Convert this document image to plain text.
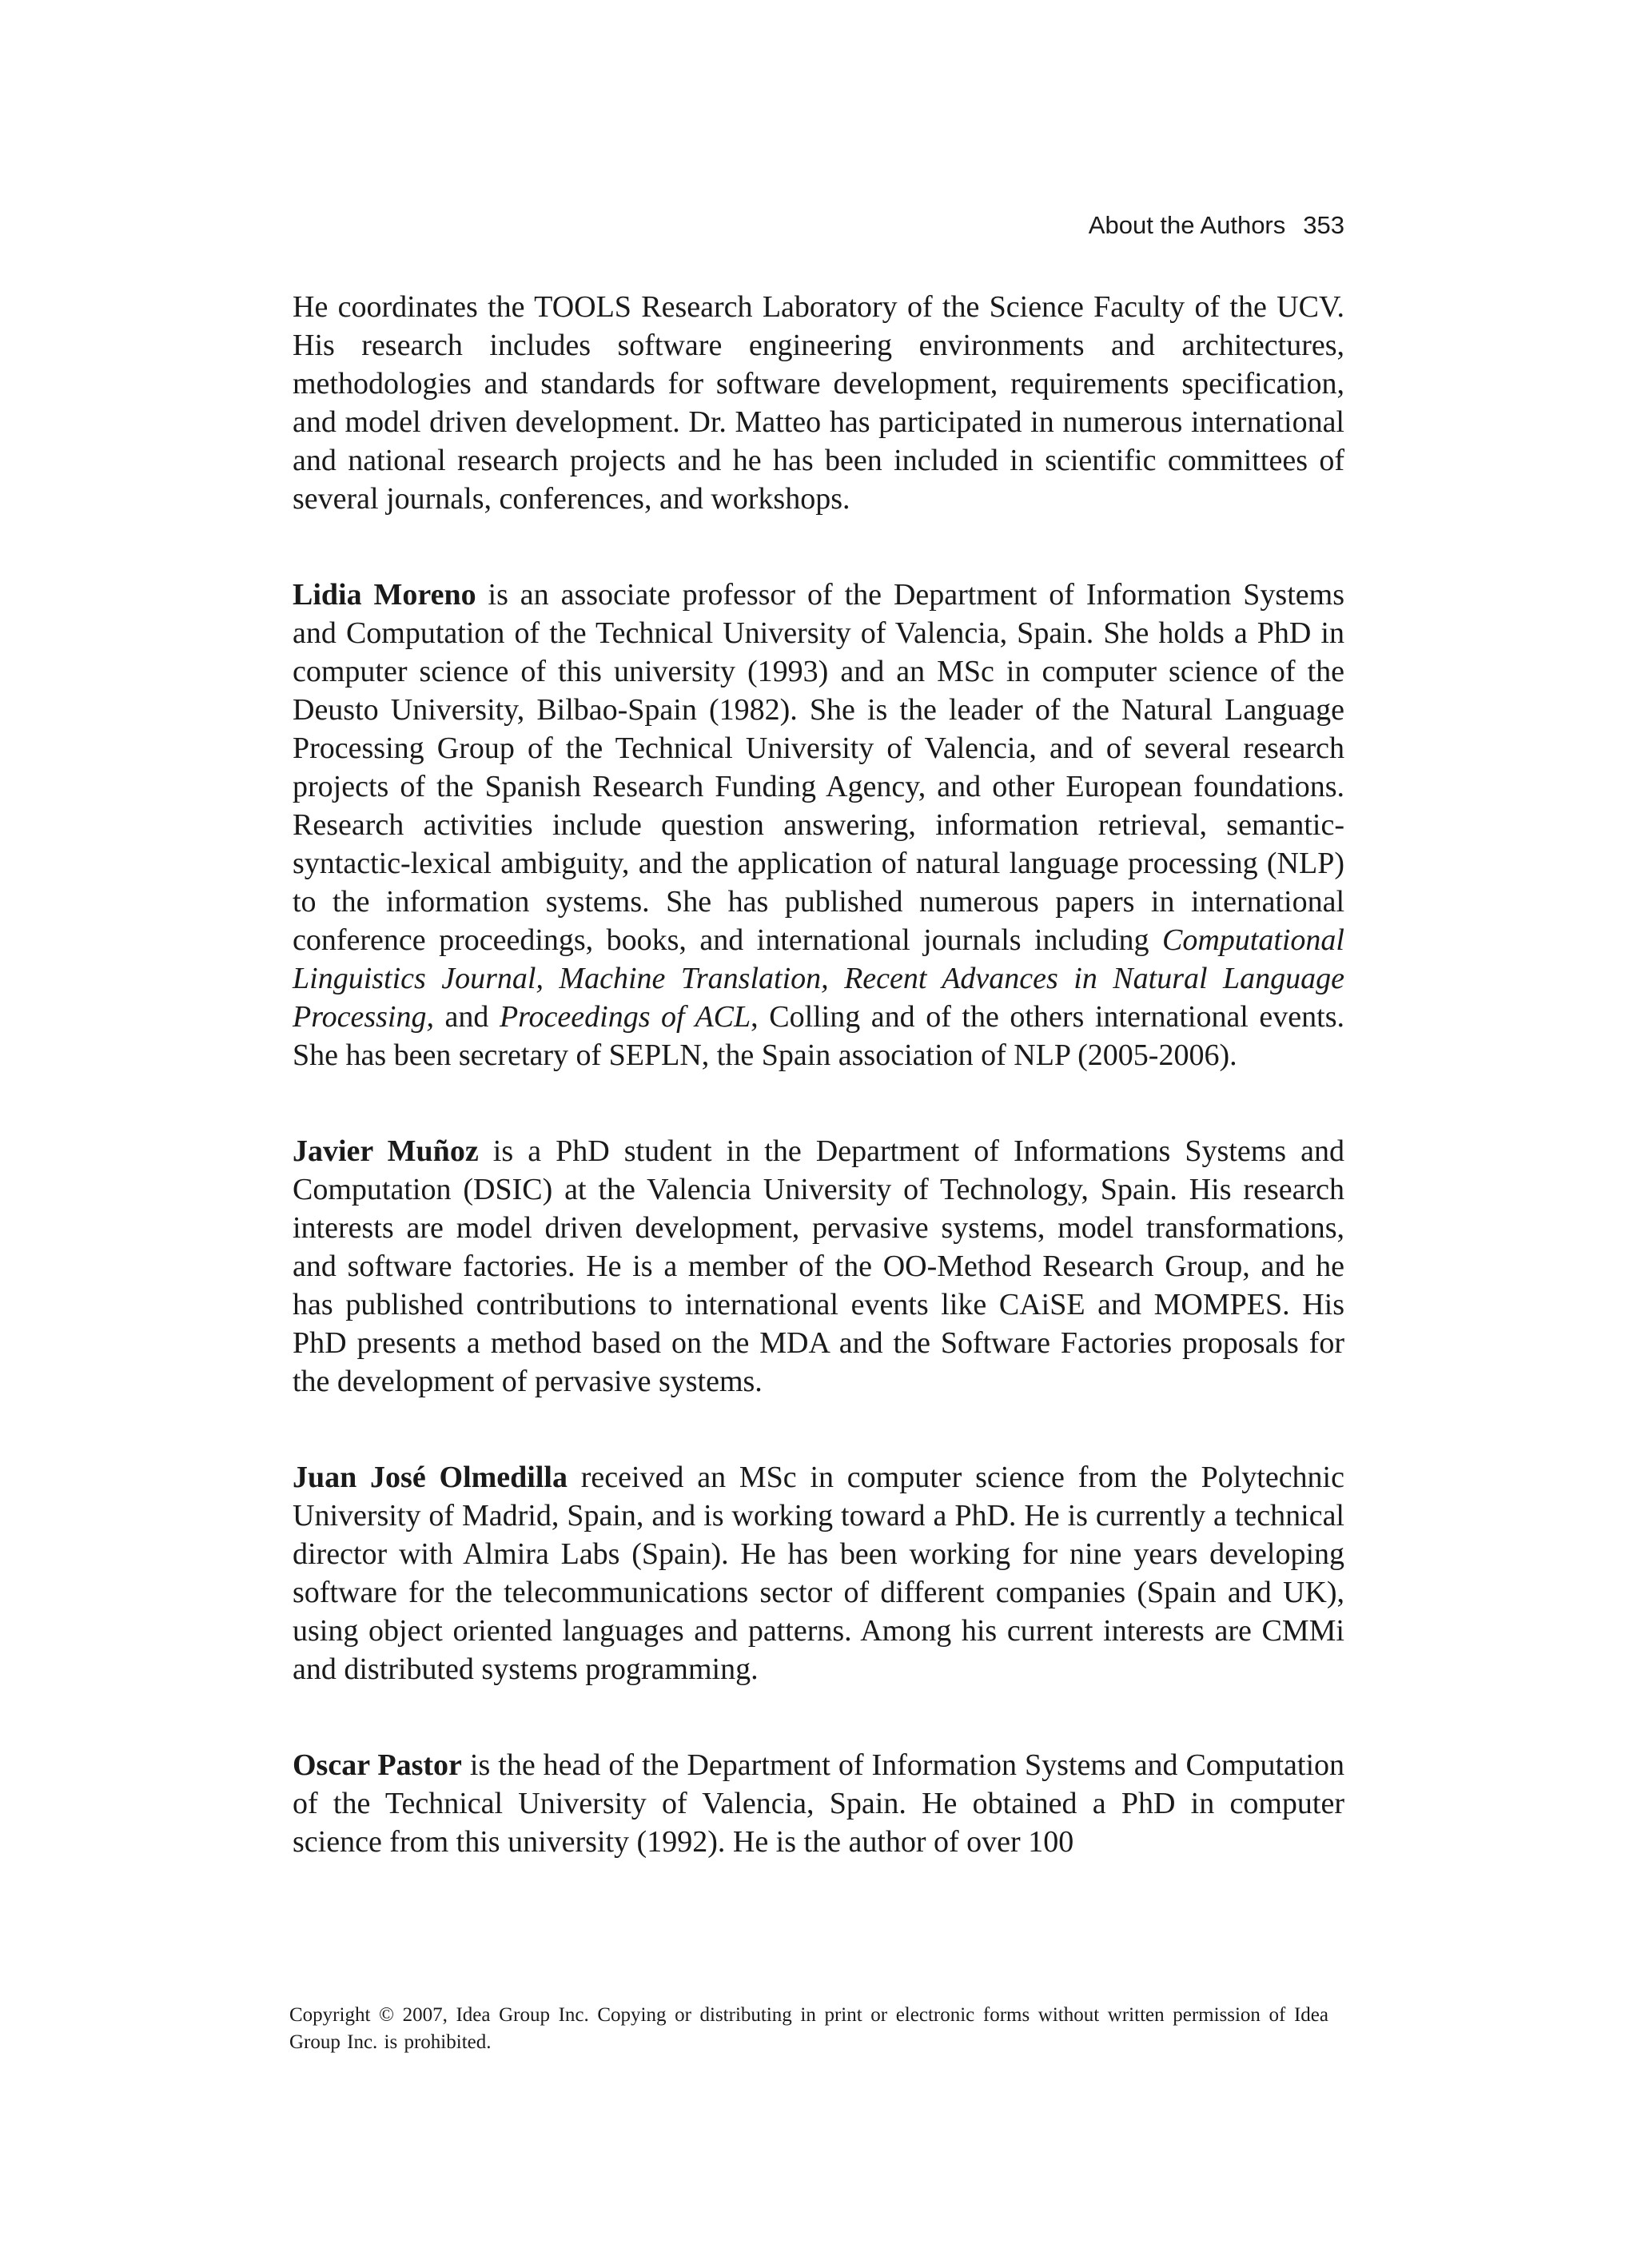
About the Authors 353

He coordinates the TOOLS Research Laboratory of the Science Faculty of the UCV. His research includes software engineering environments and architectures, methodologies and standards for software development, requirements specification, and model driven development. Dr. Matteo has participated in numerous international and national research projects and he has been included in scientific committees of several journals, conferences, and workshops.

Lidia Moreno is an associate professor of the Department of Information Systems and Computation of the Technical University of Valencia, Spain. She holds a PhD in computer science of this university (1993) and an MSc in computer science of the Deusto University, Bilbao-Spain (1982). She is the leader of the Natural Language Processing Group of the Technical University of Valencia, and of several research projects of the Spanish Research Funding Agency, and other European foundations. Research activities include question answering, information retrieval, semantic-syntactic-lexical ambiguity, and the application of natural language processing (NLP) to the information systems. She has published numerous papers in international conference proceedings, books, and international journals including Computational Linguistics Journal, Machine Translation, Recent Advances in Natural Language Processing, and Proceedings of ACL, Colling and of the others international events. She has been secretary of SEPLN, the Spain association of NLP (2005-2006).

Javier Muñoz is a PhD student in the Department of Informations Systems and Computation (DSIC) at the Valencia University of Technology, Spain. His research interests are model driven development, pervasive systems, model transformations, and software factories. He is a member of the OO-Method Research Group, and he has published contributions to international events like CAiSE and MOMPES. His PhD presents a method based on the MDA and the Software Factories proposals for the development of pervasive systems.

Juan José Olmedilla received an MSc in computer science from the Polytechnic University of Madrid, Spain, and is working toward a PhD. He is currently a technical director with Almira Labs (Spain). He has been working for nine years developing software for the telecommunications sector of different companies (Spain and UK), using object oriented languages and patterns. Among his current interests are CMMi and distributed systems programming.

Oscar Pastor is the head of the Department of Information Systems and Computation of the Technical University of Valencia, Spain. He obtained a PhD in computer science from this university (1992). He is the author of over 100

Copyright © 2007, Idea Group Inc. Copying or distributing in print or electronic forms without written permission of Idea Group Inc. is prohibited.
